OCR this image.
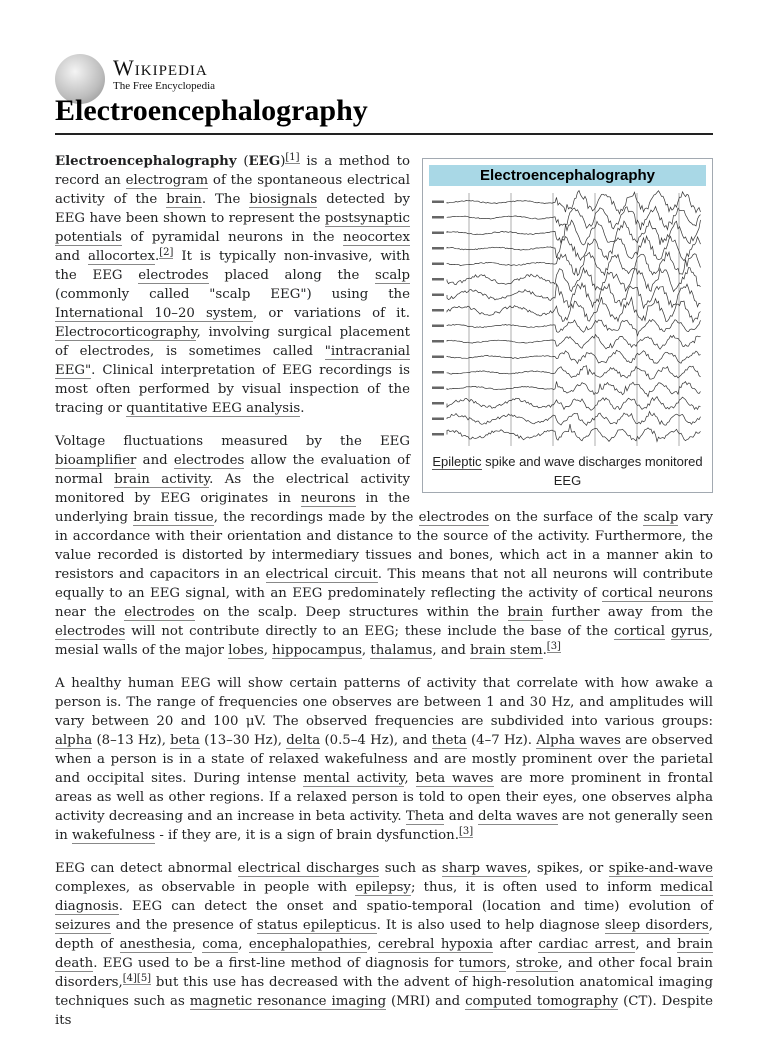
Wikipedia
The Free Encyclopedia
Electroencephalography
Electroencephalography
Epileptic spike and wave discharges monitored EEG

Electroencephalography (EEG)[1] is a method to record an electrogram of the spontaneous electrical activity of the brain. The biosignals detected by EEG have been shown to represent the postsynaptic potentials of pyramidal neurons in the neocortex and allocortex.[2] It is typically non-invasive, with the EEG electrodes placed along the scalp (commonly called "scalp EEG") using the International 10–20 system, or variations of it. Electrocorticography, involving surgical placement of electrodes, is sometimes called "intracranial EEG". Clinical interpretation of EEG recordings is most often performed by visual inspection of the tracing or quantitative EEG analysis.

Voltage fluctuations measured by the EEG bioamplifier and electrodes allow the evaluation of normal brain activity. As the electrical activity monitored by EEG originates in neurons in the underlying brain tissue, the recordings made by the electrodes on the surface of the scalp vary in accordance with their orientation and distance to the source of the activity. Furthermore, the value recorded is distorted by intermediary tissues and bones, which act in a manner akin to resistors and capacitors in an electrical circuit. This means that not all neurons will contribute equally to an EEG signal, with an EEG predominately reflecting the activity of cortical neurons near the electrodes on the scalp. Deep structures within the brain further away from the electrodes will not contribute directly to an EEG; these include the base of the cortical gyrus, mesial walls of the major lobes, hippocampus, thalamus, and brain stem.[3]

A healthy human EEG will show certain patterns of activity that correlate with how awake a person is. The range of frequencies one observes are between 1 and 30 Hz, and amplitudes will vary between 20 and 100 μV. The observed frequencies are subdivided into various groups: alpha (8–13 Hz), beta (13–30 Hz), delta (0.5–4 Hz), and theta (4–7 Hz). Alpha waves are observed when a person is in a state of relaxed wakefulness and are mostly prominent over the parietal and occipital sites. During intense mental activity, beta waves are more prominent in frontal areas as well as other regions. If a relaxed person is told to open their eyes, one observes alpha activity decreasing and an increase in beta activity. Theta and delta waves are not generally seen in wakefulness - if they are, it is a sign of brain dysfunction.[3]

EEG can detect abnormal electrical discharges such as sharp waves, spikes, or spike-and-wave complexes, as observable in people with epilepsy; thus, it is often used to inform medical diagnosis. EEG can detect the onset and spatio-temporal (location and time) evolution of seizures and the presence of status epilepticus. It is also used to help diagnose sleep disorders, depth of anesthesia, coma, encephalopathies, cerebral hypoxia after cardiac arrest, and brain death. EEG used to be a first-line method of diagnosis for tumors, stroke, and other focal brain disorders,[4][5] but this use has decreased with the advent of high-resolution anatomical imaging techniques such as magnetic resonance imaging (MRI) and computed tomography (CT). Despite its
